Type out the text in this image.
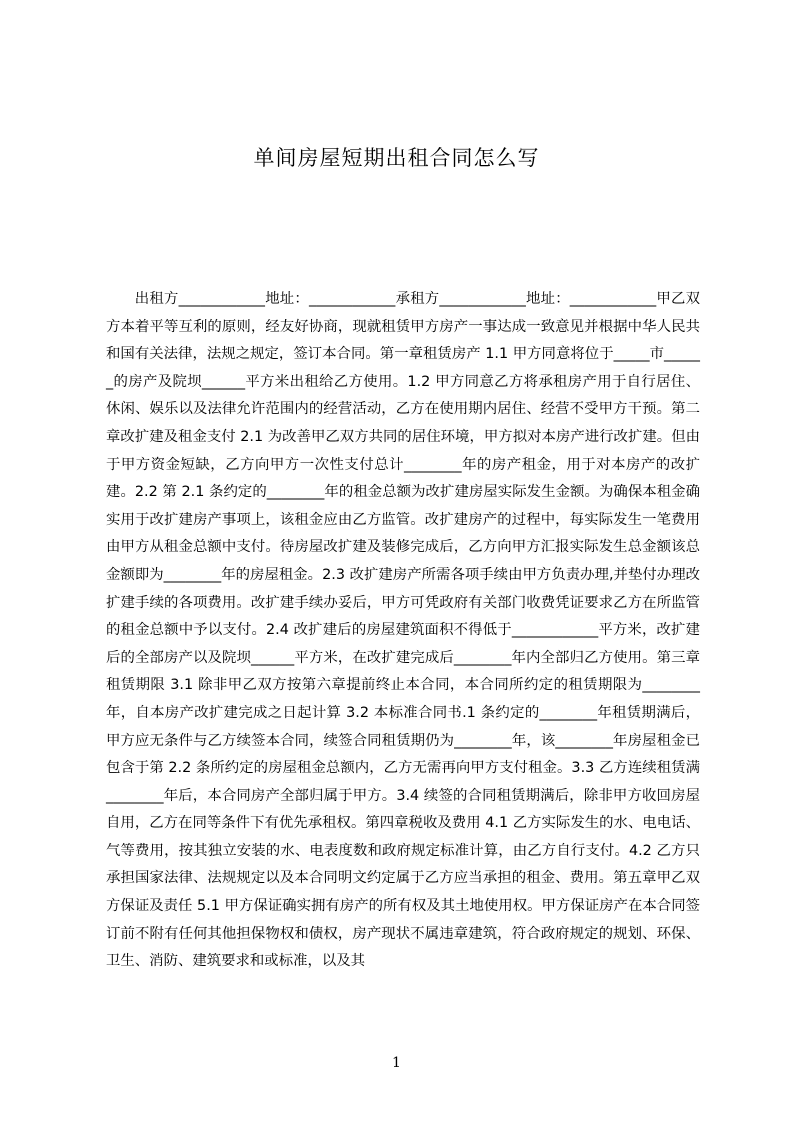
单间房屋短期出租合同怎么写

出租方____________地址：____________承租方____________地址：____________甲乙双方本着平等互利的原则，经友好协商，现就租赁甲方房产一事达成一致意见并根据中华人民共和国有关法律，法规之规定，签订本合同。第一章租赁房产 1.1 甲方同意将位于_____市______的房产及院坝______平方米出租给乙方使用。1.2 甲方同意乙方将承租房产用于自行居住、休闲、娱乐以及法律允许范围内的经营活动，乙方在使用期内居住、经营不受甲方干预。第二章改扩建及租金支付 2.1 为改善甲乙双方共同的居住环境，甲方拟对本房产进行改扩建。但由于甲方资金短缺，乙方向甲方一次性支付总计________年的房产租金，用于对本房产的改扩建。2.2 第 2.1 条约定的________年的租金总额为改扩建房屋实际发生金额。为确保本租金确实用于改扩建房产事项上，该租金应由乙方监管。改扩建房产的过程中，每实际发生一笔费用由甲方从租金总额中支付。待房屋改扩建及装修完成后，乙方向甲方汇报实际发生总金额该总金额即为________年的房屋租金。2.3 改扩建房产所需各项手续由甲方负责办理,并垫付办理改扩建手续的各项费用。改扩建手续办妥后，甲方可凭政府有关部门收费凭证要求乙方在所监管的租金总额中予以支付。2.4 改扩建后的房屋建筑面积不得低于____________平方米，改扩建后的全部房产以及院坝______平方米，在改扩建完成后________年内全部归乙方使用。第三章租赁期限 3.1 除非甲乙双方按第六章提前终止本合同，本合同所约定的租赁期限为________年，自本房产改扩建完成之日起计算 3.2 本标准合同书.1 条约定的________年租赁期满后，甲方应无条件与乙方续签本合同，续签合同租赁期仍为________年，该________年房屋租金已包含于第 2.2 条所约定的房屋租金总额内，乙方无需再向甲方支付租金。3.3 乙方连续租赁满________年后，本合同房产全部归属于甲方。3.4 续签的合同租赁期满后，除非甲方收回房屋自用，乙方在同等条件下有优先承租权。第四章税收及费用 4.1 乙方实际发生的水、电电话、气等费用，按其独立安装的水、电表度数和政府规定标准计算，由乙方自行支付。4.2 乙方只承担国家法律、法规规定以及本合同明文约定属于乙方应当承担的租金、费用。第五章甲乙双方保证及责任 5.1 甲方保证确实拥有房产的所有权及其土地使用权。甲方保证房产在本合同签订前不附有任何其他担保物权和债权，房产现状不属违章建筑，符合政府规定的规划、环保、卫生、消防、建筑要求和或标准，以及其

1
